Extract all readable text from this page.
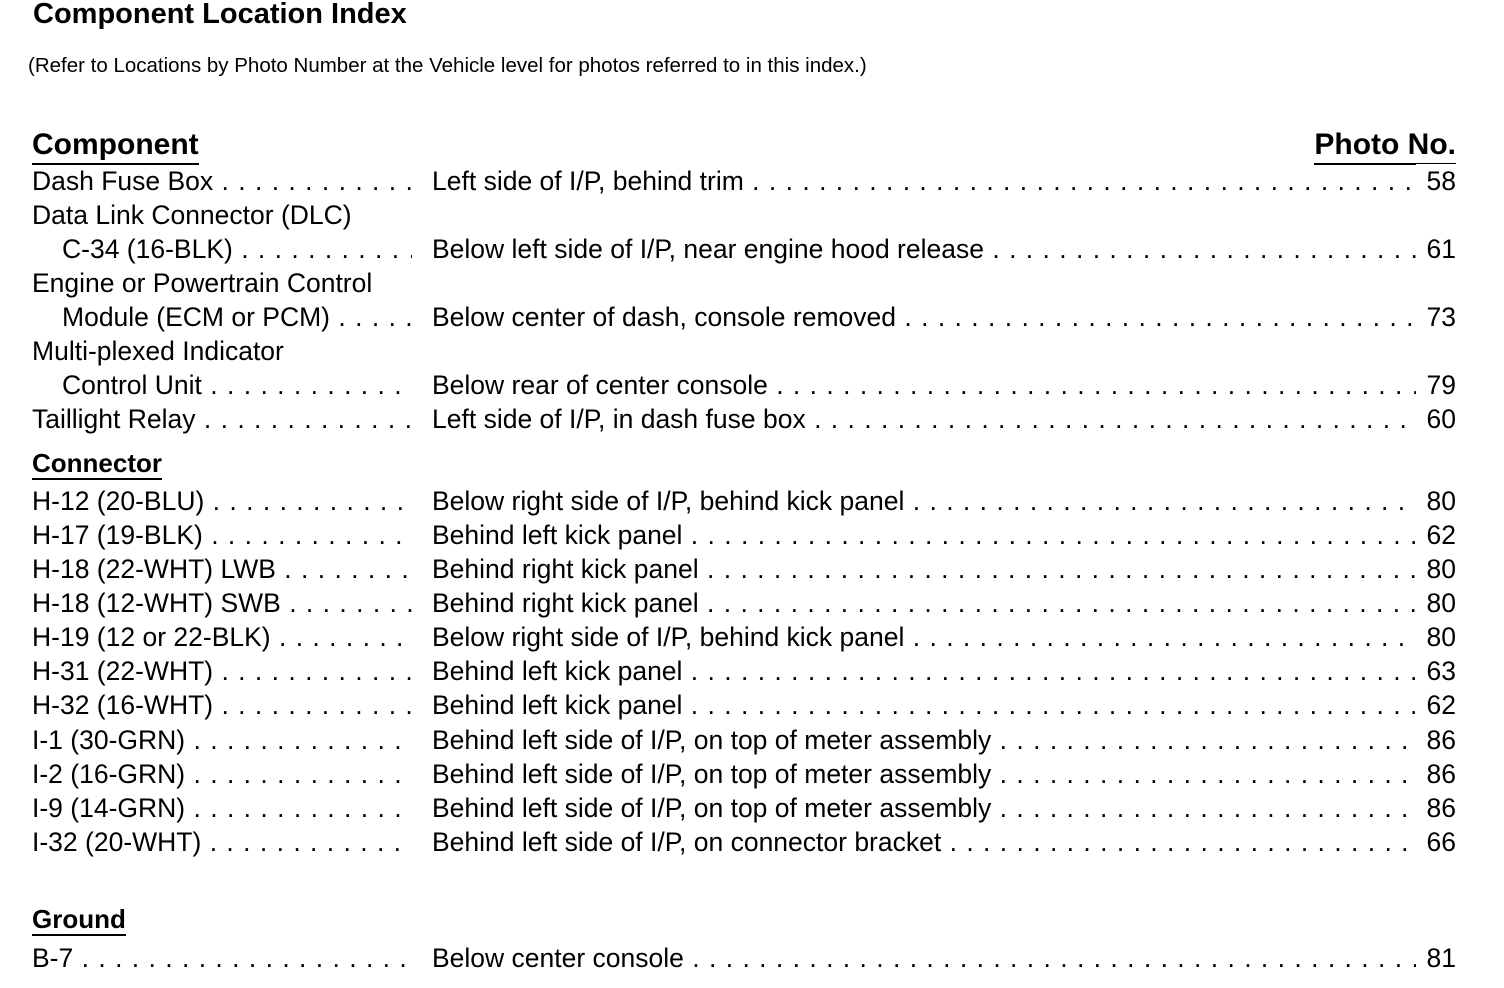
Component Location Index
(Refer to Locations by Photo Number at the Vehicle level for photos referred to in this index.)
Component	Photo No.
Dash Fuse Box . . .	Left side of I/P, behind trim . . .	58
Data Link Connector (DLC)
C-34 (16-BLK) . . .	Below left side of I/P, near engine hood release . . .	61
Engine or Powertrain Control
Module (ECM or PCM) . . .	Below center of dash, console removed . . .	73
Multi-plexed Indicator
Control Unit . . .	Below rear of center console . . .	79
Taillight Relay . . .	Left side of I/P, in dash fuse box . . .	60
Connector
H-12 (20-BLU) . . .	Below right side of I/P, behind kick panel . . .	80
H-17 (19-BLK) . . .	Behind left kick panel . . .	62
H-18 (22-WHT) LWB . . .	Behind right kick panel . . .	80
H-18 (12-WHT) SWB . . .	Behind right kick panel . . .	80
H-19 (12 or 22-BLK) . . .	Below right side of I/P, behind kick panel . . .	80
H-31 (22-WHT) . . .	Behind left kick panel . . .	63
H-32 (16-WHT) . . .	Behind left kick panel . . .	62
I-1 (30-GRN) . . .	Behind left side of I/P, on top of meter assembly . . .	86
I-2 (16-GRN) . . .	Behind left side of I/P, on top of meter assembly . . .	86
I-9 (14-GRN) . . .	Behind left side of I/P, on top of meter assembly . . .	86
I-32 (20-WHT) . . .	Behind left side of I/P, on connector bracket . . .	66
Ground
B-7 . . .	Below center console . . .	81
